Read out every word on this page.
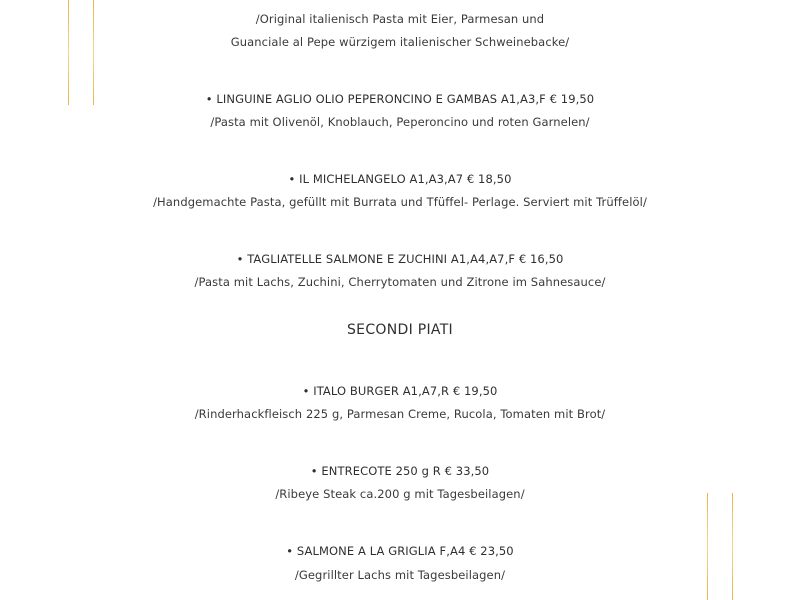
/Original italienisch Pasta mit Eier, Parmesan und
Guanciale al Pepe würzigem italienischer Schweinebacke/
• LINGUINE AGLIO OLIO PEPERONCINO E GAMBAS A1,A3,F € 19,50
/Pasta mit Olivenöl, Knoblauch, Peperoncino und roten Garnelen/
• IL MICHELANGELO A1,A3,A7 € 18,50
/Handgemachte Pasta, gefüllt mit Burrata und Tfüffel- Perlage. Serviert mit Trüffelöl/
• TAGLIATELLE SALMONE E ZUCHINI A1,A4,A7,F € 16,50
/Pasta mit Lachs, Zuchini, Cherrytomaten und Zitrone im Sahnesauce/
SECONDI PIATI
• ITALO BURGER A1,A7,R € 19,50
/Rinderhackfleisch 225 g, Parmesan Creme, Rucola, Tomaten mit Brot/
• ENTRECOTE 250 g R € 33,50
/Ribeye Steak ca.200 g mit Tagesbeilagen/
• SALMONE A LA GRIGLIA F,A4 € 23,50
/Gegrillter Lachs mit Tagesbeilagen/
